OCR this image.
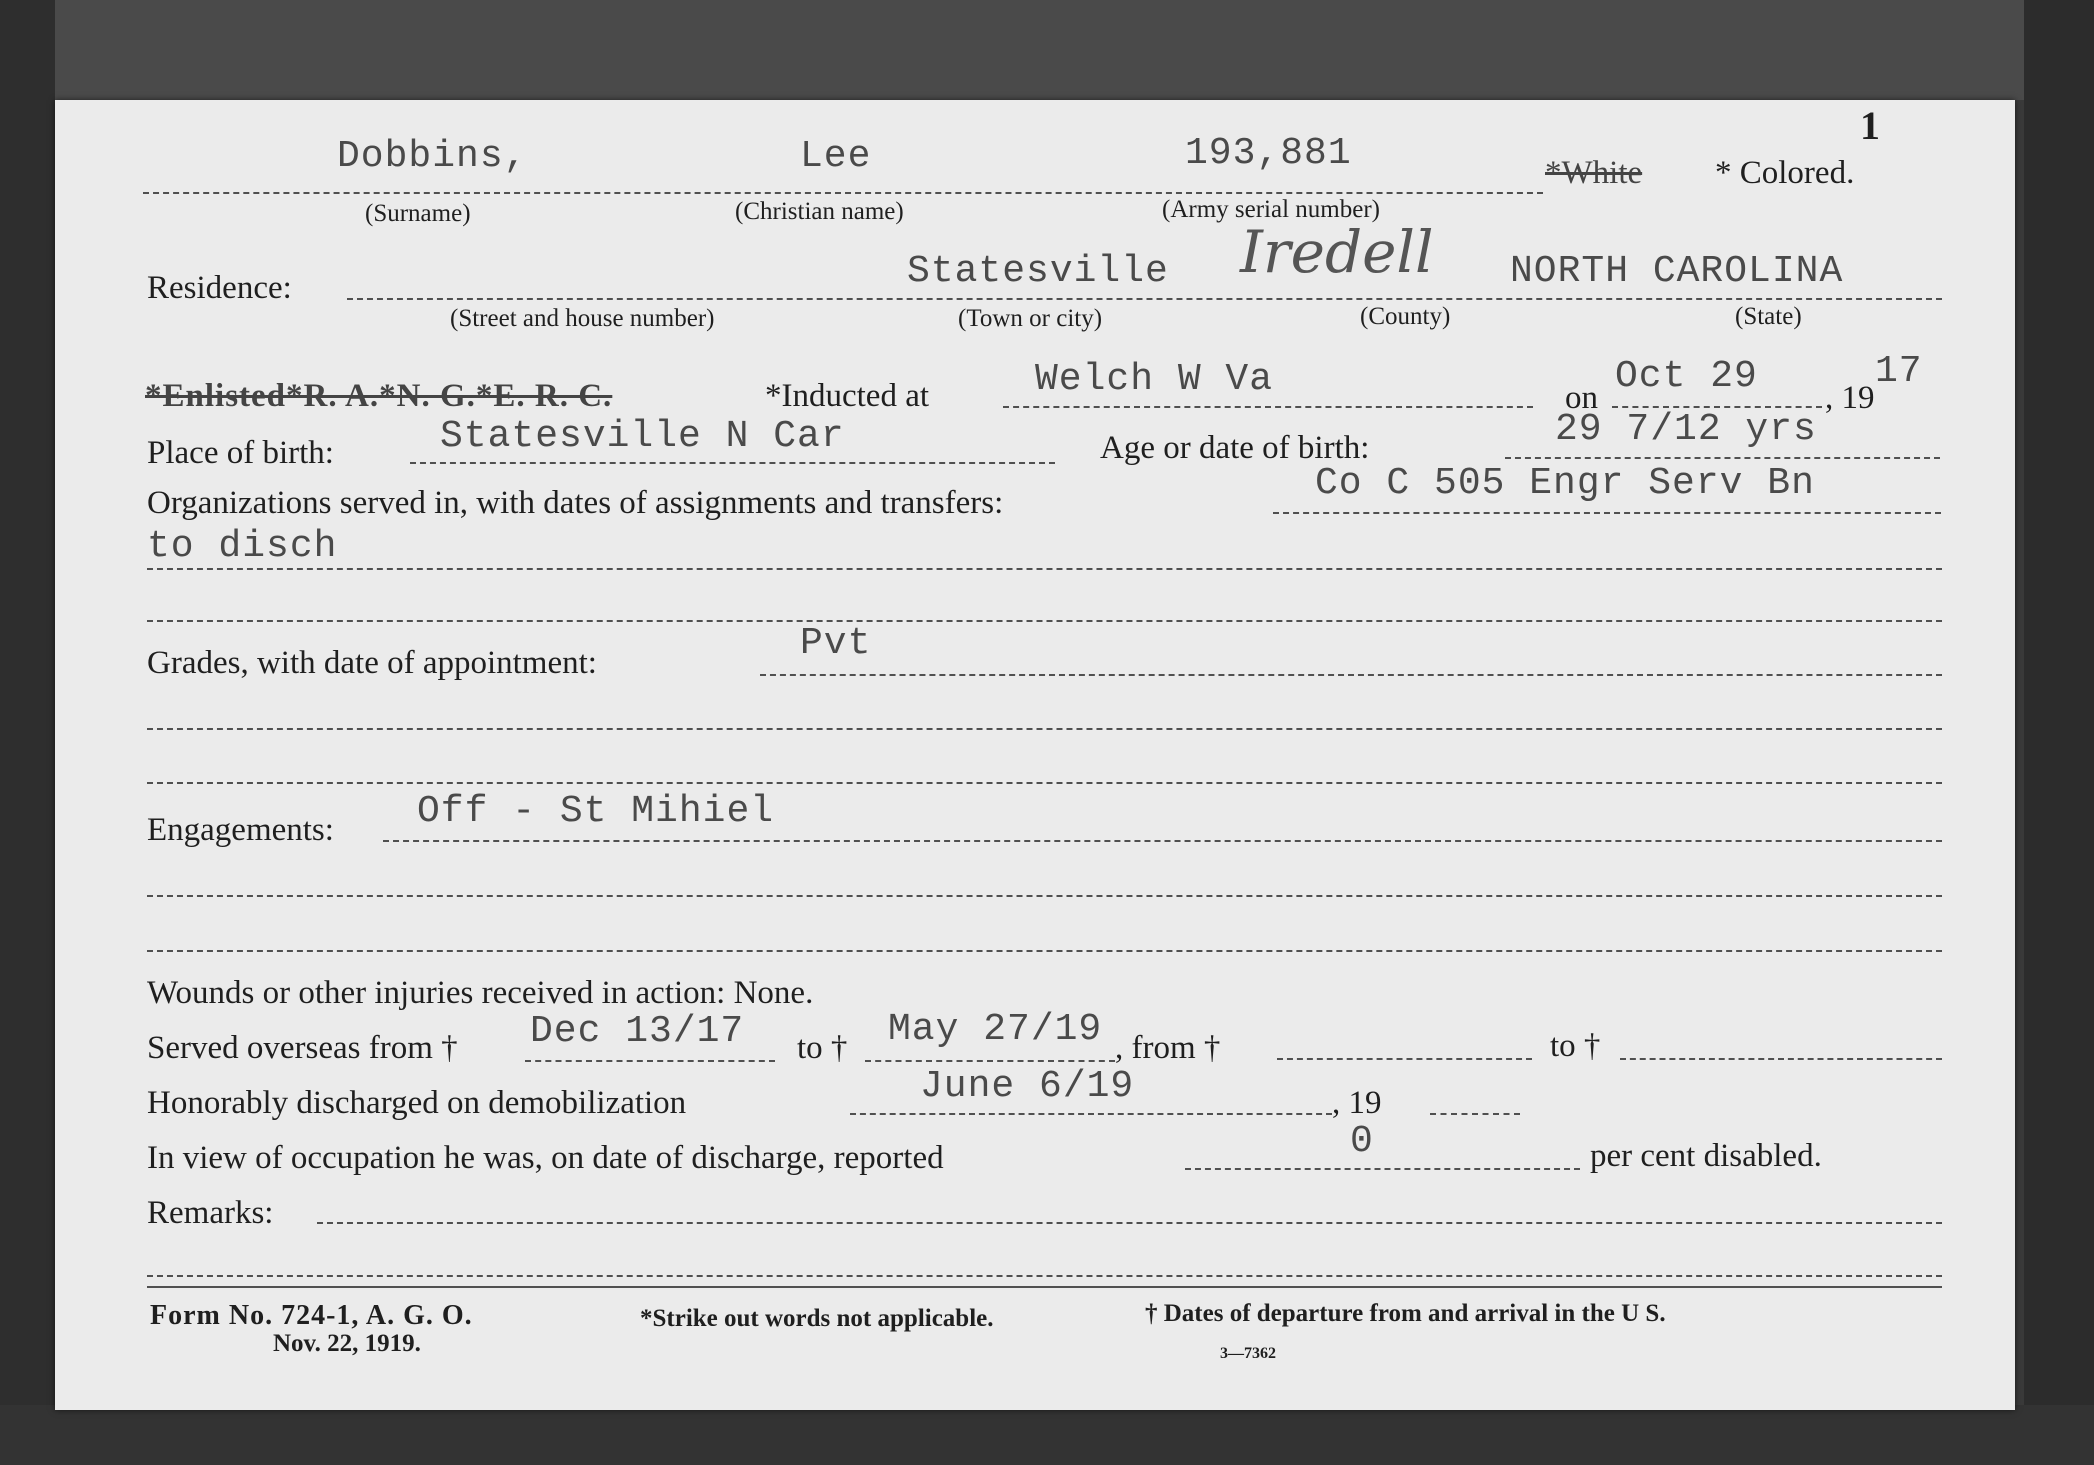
1
Dobbins,	Lee	193,881	*White * Colored.
(Surname)	(Christian name)	(Army serial number)
Residence:	Statesville Iredell NORTH CAROLINA
(Street and house number)	(Town or city)	(County)	(State)
*Enlisted*R. A.*N. G.*E. R. C.	*Inducted at	Welch W Va	on Oct 29 , 19
17
Place of birth:	Statesville N Car	Age or date of birth:	29 7/12 yrs
Organizations served in, with dates of assignments and transfers:	Co C 505 Engr Serv Bn
to disch
Grades, with date of appointment:	Pvt
Engagements: Off - St Mihiel
Wounds or other injuries received in action: None.
Served overseas from † Dec 13/17 to † May 27/19 , from †	to †
Honorably discharged on demobilization	June 6/19	, 19
In view of occupation he was, on date of discharge, reported	0	per cent disabled.
Remarks:
Form No. 724-1, A. G. O.
Nov. 22, 1919.
*Strike out words not applicable.	† Dates of departure from and arrival in the U S.
3—7362
